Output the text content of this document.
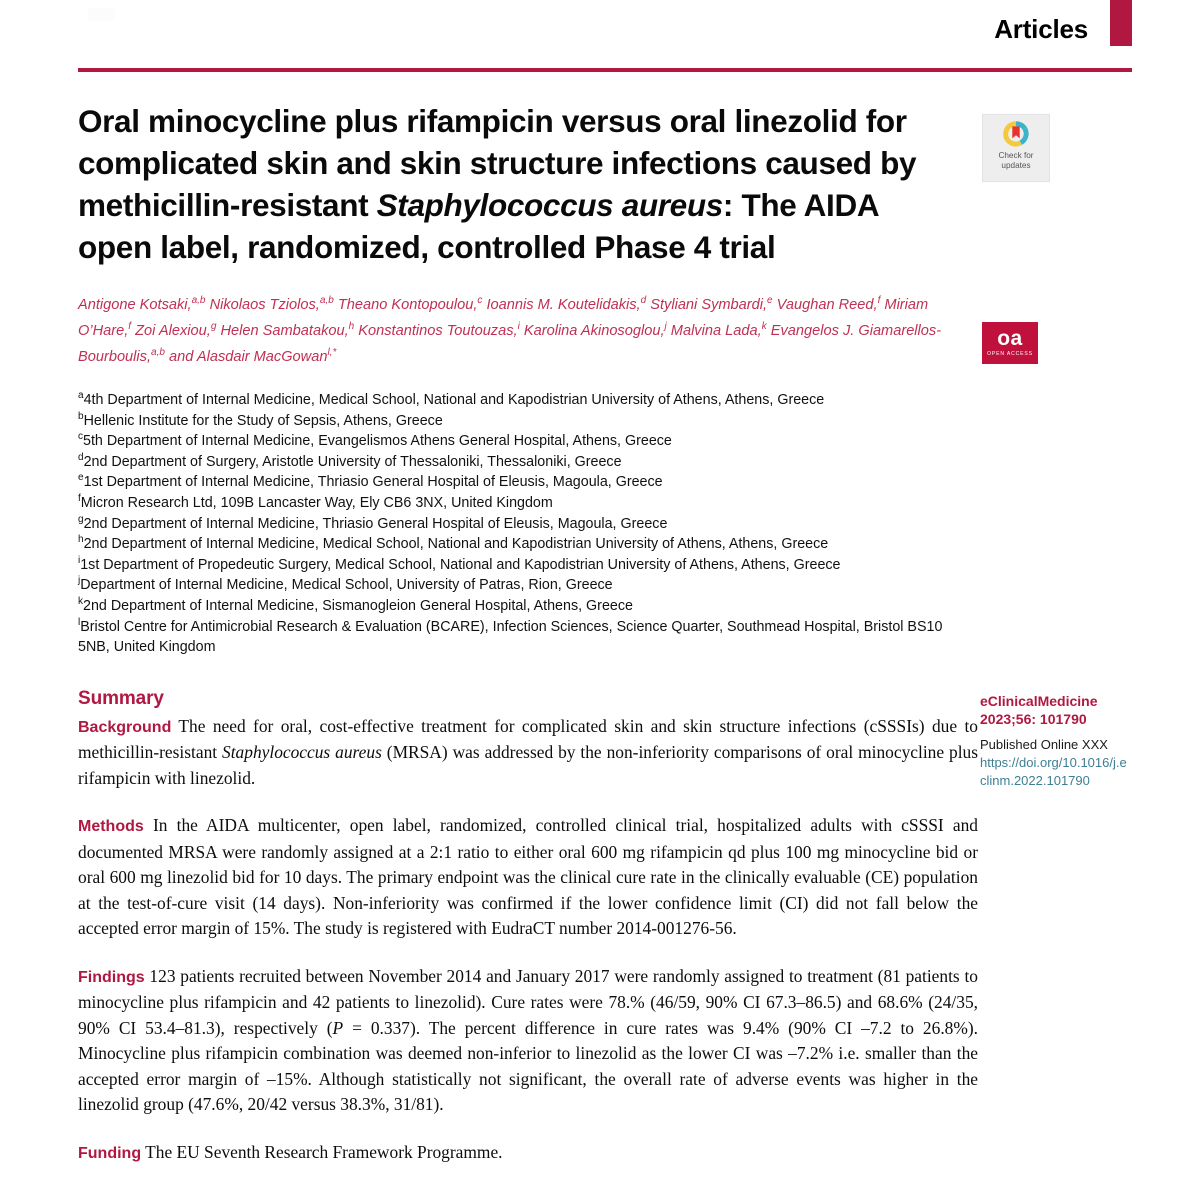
Articles
Oral minocycline plus rifampicin versus oral linezolid for complicated skin and skin structure infections caused by methicillin-resistant Staphylococcus aureus: The AIDA open label, randomized, controlled Phase 4 trial
Antigone Kotsaki,$^{a,b}$ Nikolaos Tziolos,$^{a,b}$ Theano Kontopoulou,$^c$ Ioannis M. Koutelidakis,$^d$ Styliani Symbardi,$^e$ Vaughan Reed,$^f$ Miriam O’Hare,$^f$ Zoi Alexiou,$^g$ Helen Sambatakou,$^h$ Konstantinos Toutouzas,$^i$ Karolina Akinosoglou,$^j$ Malvina Lada,$^k$ Evangelos J. Giamarellos-Bourboulis,$^{a,b}$ and Alasdair MacGowan$^{l,*}$
$^a$4th Department of Internal Medicine, Medical School, National and Kapodistrian University of Athens, Athens, Greece
$^b$Hellenic Institute for the Study of Sepsis, Athens, Greece
$^c$5th Department of Internal Medicine, Evangelismos Athens General Hospital, Athens, Greece
$^d$2nd Department of Surgery, Aristotle University of Thessaloniki, Thessaloniki, Greece
$^e$1st Department of Internal Medicine, Thriasio General Hospital of Eleusis, Magoula, Greece
$^f$Micron Research Ltd, 109B Lancaster Way, Ely CB6 3NX, United Kingdom
$^g$2nd Department of Internal Medicine, Thriasio General Hospital of Eleusis, Magoula, Greece
$^h$2nd Department of Internal Medicine, Medical School, National and Kapodistrian University of Athens, Athens, Greece
$^i$1st Department of Propedeutic Surgery, Medical School, National and Kapodistrian University of Athens, Athens, Greece
$^j$Department of Internal Medicine, Medical School, University of Patras, Rion, Greece
$^k$2nd Department of Internal Medicine, Sismanogleion General Hospital, Athens, Greece
$^l$Bristol Centre for Antimicrobial Research & Evaluation (BCARE), Infection Sciences, Science Quarter, Southmead Hospital, Bristol BS10 5NB, United Kingdom
Summary
Background The need for oral, cost-effective treatment for complicated skin and skin structure infections (cSSSIs) due to methicillin-resistant Staphylococcus aureus (MRSA) was addressed by the non-inferiority comparisons of oral minocycline plus rifampicin with linezolid.
Methods In the AIDA multicenter, open label, randomized, controlled clinical trial, hospitalized adults with cSSSI and documented MRSA were randomly assigned at a 2:1 ratio to either oral 600 mg rifampicin qd plus 100 mg minocycline bid or oral 600 mg linezolid bid for 10 days. The primary endpoint was the clinical cure rate in the clinically evaluable (CE) population at the test-of-cure visit (14 days). Non-inferiority was confirmed if the lower confidence limit (CI) did not fall below the accepted error margin of 15%. The study is registered with EudraCT number 2014-001276-56.
Findings 123 patients recruited between November 2014 and January 2017 were randomly assigned to treatment (81 patients to minocycline plus rifampicin and 42 patients to linezolid). Cure rates were 78.% (46/59, 90% CI 67.3–86.5) and 68.6% (24/35, 90% CI 53.4–81.3), respectively (P = 0.337). The percent difference in cure rates was 9.4% (90% CI –7.2 to 26.8%). Minocycline plus rifampicin combination was deemed non-inferior to linezolid as the lower CI was –7.2% i.e. smaller than the accepted error margin of –15%. Although statistically not significant, the overall rate of adverse events was higher in the linezolid group (47.6%, 20/42 versus 38.3%, 31/81).
Funding The EU Seventh Research Framework Programme.
Check for
updates
oa
OPEN ACCESS
eClinicalMedicine
2023;56: 101790
Published Online XXX
https://doi.org/10.1016/j.eclinm.2022.101790
